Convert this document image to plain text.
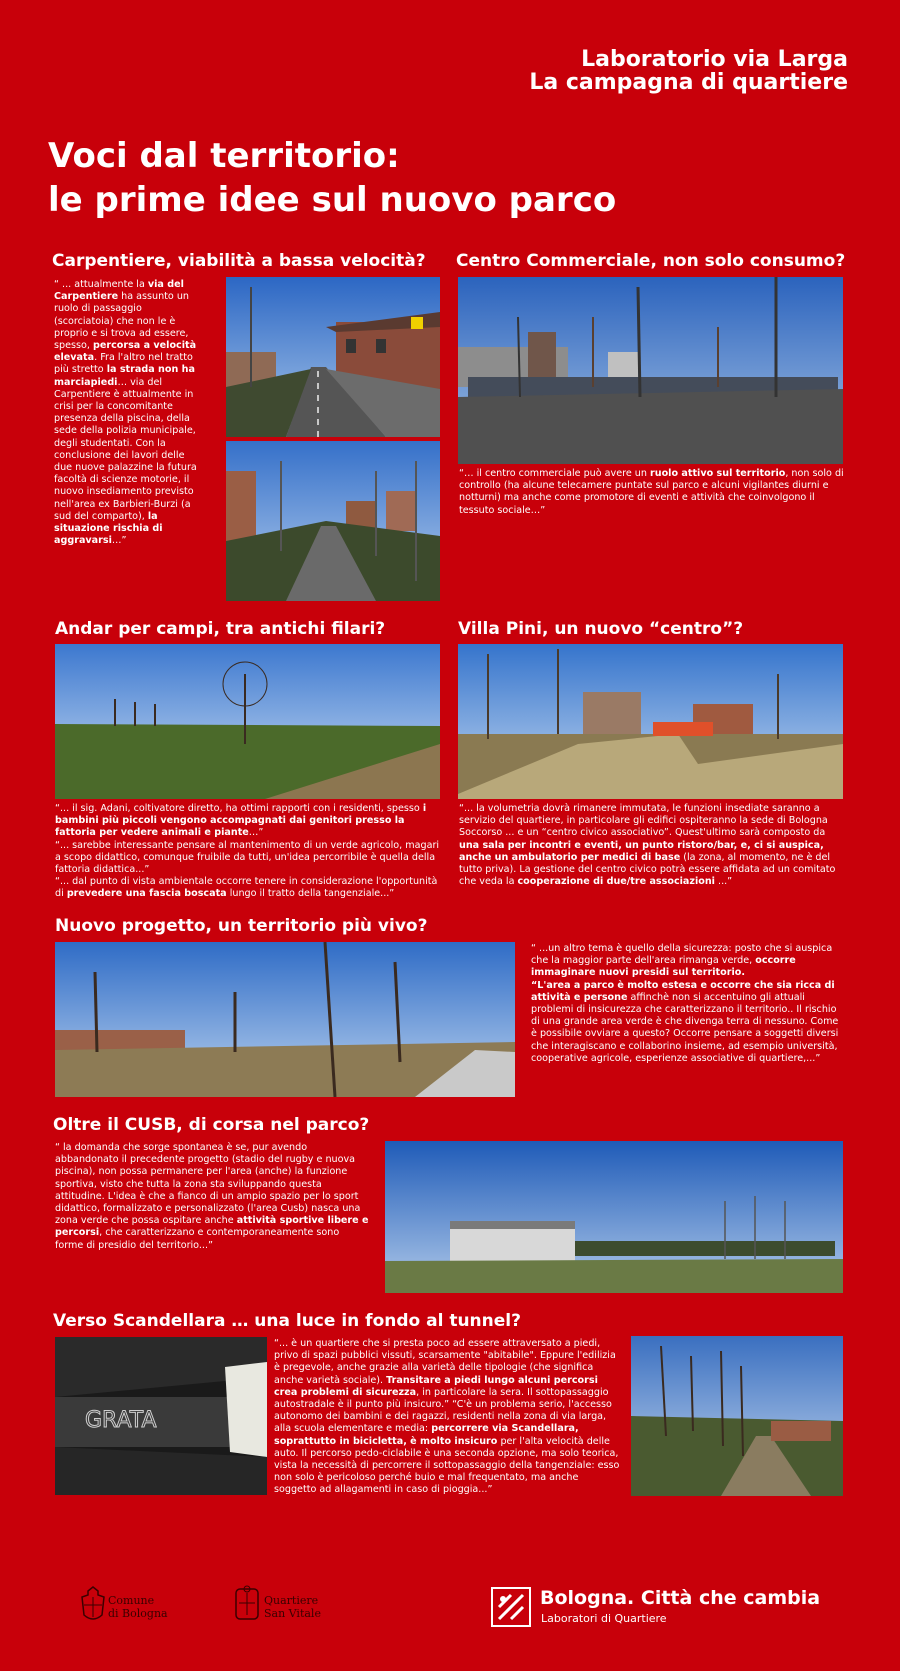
Laboratorio via Larga
La campagna di quartiere
Voci dal territorio:
le prime idee sul nuovo parco
Carpentiere, viabilità a bassa velocità?
“ ... attualmente la via del Carpentiere ha assunto un ruolo di passaggio (scorciatoia) che non le è proprio e si trova ad essere, spesso, percorsa a velocità elevata. Fra l'altro nel tratto più stretto la strada non ha marciapiedi… via del Carpentiere è attualmente in crisi per la concomitante presenza della piscina, della sede della polizia municipale, degli studentati. Con la conclusione dei lavori delle due nuove palazzine la futura facoltà di scienze motorie, il nuovo insediamento previsto nell'area ex Barbieri-Burzi (a sud del comparto), la situazione rischia di aggravarsi…”
Centro Commerciale, non solo consumo?
“… il centro commerciale può avere un ruolo attivo sul territorio, non solo di controllo (ha alcune telecamere puntate sul parco e alcuni vigilantes diurni e notturni) ma anche come promotore di eventi e attività che coinvolgono il tessuto sociale…”
Andar per campi, tra antichi filari?
“... il sig. Adani, coltivatore diretto, ha ottimi rapporti con i residenti, spesso i bambini più piccoli vengono accompagnati dai genitori presso la fattoria per vedere animali e piante…”
“... sarebbe interessante pensare al mantenimento di un verde agricolo, magari a scopo didattico, comunque fruibile da tutti, un'idea percorribile è quella della fattoria didattica...”
“... dal punto di vista ambientale occorre tenere in considerazione l'opportunità di prevedere una fascia boscata lungo il tratto della tangenziale...”
Villa Pini, un nuovo “centro”?
“... la volumetria dovrà rimanere immutata, le funzioni insediate saranno a servizio del quartiere, in particolare gli edifici ospiteranno la sede di Bologna Soccorso ... e un “centro civico associativo”. Quest'ultimo sarà composto da una sala per incontri e eventi, un punto ristoro/bar, e, ci si auspica, anche un ambulatorio per medici di base (la zona, al momento, ne è del tutto priva). La gestione del centro civico potrà essere affidata ad un comitato che veda la cooperazione di due/tre associazioni ...”
Nuovo progetto, un territorio più vivo?
“ ...un altro tema è quello della sicurezza: posto che si auspica che la maggior parte dell'area rimanga verde, occorre immaginare nuovi presidi sul territorio.
“L'area a parco è molto estesa e occorre che sia ricca di attività e persone affinchè non si accentuino gli attuali problemi di insicurezza che caratterizzano il territorio.. Il rischio di una grande area verde è che divenga terra di nessuno. Come è possibile ovviare a questo? Occorre pensare a soggetti diversi che interagiscano e collaborino insieme, ad esempio università, cooperative agricole, esperienze associative di quartiere,...”
Oltre il CUSB, di corsa nel parco?
“ la domanda che sorge spontanea è se, pur avendo abbandonato il precedente progetto (stadio del rugby e nuova piscina), non possa permanere per l'area (anche) la funzione sportiva, visto che tutta la zona sta sviluppando questa attitudine. L'idea è che a fianco di un ampio spazio per lo sport didattico, formalizzato e personalizzato (l'area Cusb) nasca una zona verde che possa ospitare anche attività sportive libere e percorsi, che caratterizzano e contemporaneamente sono forme di presidio del territorio...”
Verso Scandellara … una luce in fondo al tunnel?
GRATA
“... è un quartiere che si presta poco ad essere attraversato a piedi, privo di spazi pubblici vissuti, scarsamente "abitabile". Eppure l'edilizia è pregevole, anche grazie alla varietà delle tipologie (che significa anche varietà sociale). Transitare a piedi lungo alcuni percorsi crea problemi di sicurezza, in particolare la sera. Il sottopassaggio autostradale è il punto più insicuro.” “C'è un problema serio, l'accesso autonomo dei bambini e dei ragazzi, residenti nella zona di via larga, alla scuola elementare e media: percorrere via Scandellara, soprattutto in bicicletta, è molto insicuro per l'alta velocità delle auto. Il percorso pedo-ciclabile è una seconda opzione, ma solo teorica, vista la necessità di percorrere il sottopassaggio della tangenziale: esso non solo è pericoloso perché buio e mal frequentato, ma anche soggetto ad allagamenti in caso di pioggia...”
Comune
di Bologna
Quartiere
San Vitale
Bologna. Città che cambia
Laboratori di Quartiere
